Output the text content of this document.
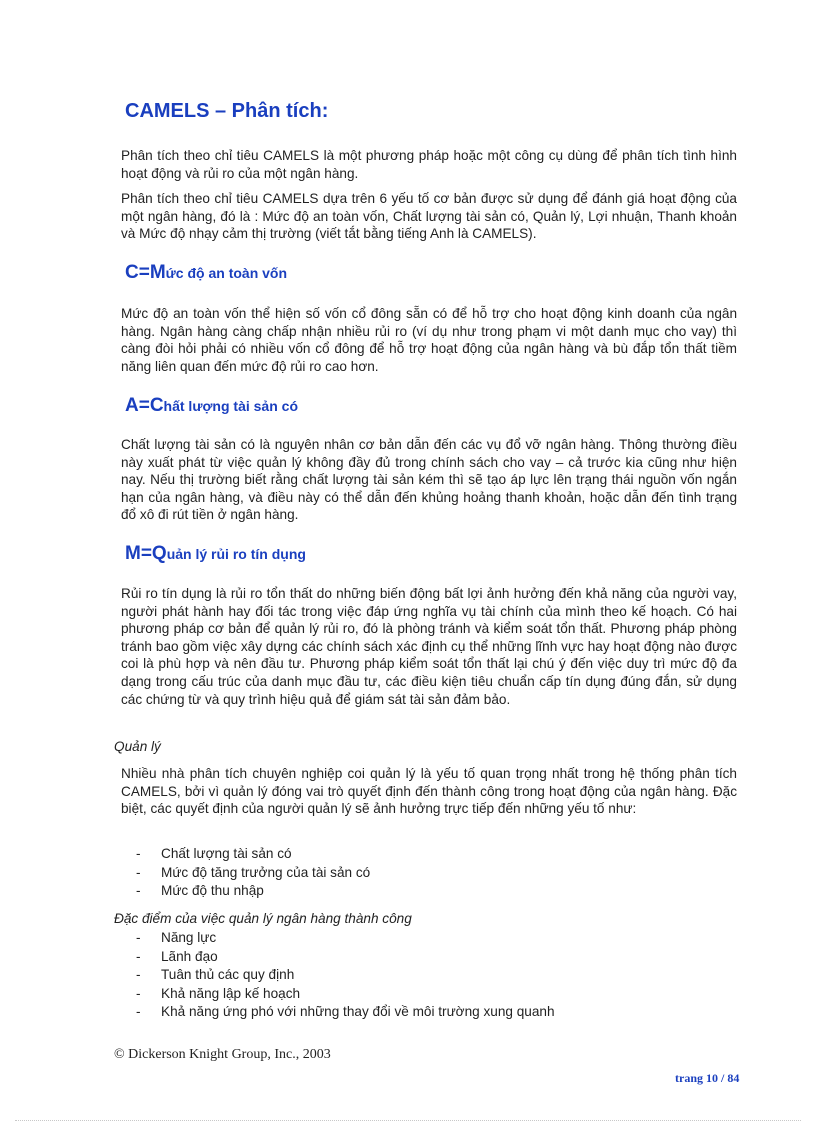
CAMELS – Phân tích:
Phân tích theo chỉ tiêu CAMELS là một phương pháp hoặc một công cụ dùng để phân tích tình hình hoạt động và rủi ro của một ngân hàng.
Phân tích theo chỉ tiêu CAMELS dựa trên 6 yếu tố cơ bản được sử dụng để đánh giá hoạt động của một ngân hàng, đó là : Mức độ an toàn vốn, Chất lượng tài sản có, Quản lý, Lợi nhuận, Thanh khoản và Mức độ nhạy cảm thị trường (viết tắt bằng tiếng Anh là CAMELS).
C=Mức độ an toàn vốn
Mức độ an toàn vốn thể hiện số vốn cổ đông sẵn có để hỗ trợ cho hoạt động kinh doanh của ngân hàng. Ngân hàng càng chấp nhận nhiều rủi ro (ví dụ như trong phạm vi một danh mục cho vay) thì càng đòi hỏi phải có nhiều vốn cổ đông để hỗ trợ hoạt động của ngân hàng và bù đắp tổn thất tiềm năng liên quan đến mức độ rủi ro cao hơn.
A=Chất lượng tài sản có
Chất lượng tài sản có là nguyên nhân cơ bản dẫn đến các vụ đổ vỡ ngân hàng. Thông thường điều này xuất phát từ việc quản lý không đầy đủ trong chính sách cho vay – cả trước kia cũng như hiện nay. Nếu thị trường biết rằng chất lượng tài sản kém thì sẽ tạo áp lực lên trạng thái nguồn vốn ngắn hạn của ngân hàng, và điều này có thể dẫn đến khủng hoảng thanh khoản, hoặc dẫn đến tình trạng đổ xô đi rút tiền ở ngân hàng.
M=Quản lý rủi ro tín dụng
Rủi ro tín dụng là rủi ro tổn thất do những biến động bất lợi ảnh hưởng đến khả năng của người vay, người phát hành hay đối tác trong việc đáp ứng nghĩa vụ tài chính của mình theo kế hoạch. Có hai phương pháp cơ bản để quản lý rủi ro, đó là phòng tránh và kiểm soát tổn thất. Phương pháp phòng tránh bao gồm việc xây dựng các chính sách xác định cụ thể những lĩnh vực hay hoạt động nào được coi là phù hợp và nên đầu tư. Phương pháp kiểm soát tổn thất lại chú ý đến việc duy trì mức độ đa dạng trong cấu trúc của danh mục đầu tư, các điều kiện tiêu chuẩn cấp tín dụng đúng đắn, sử dụng các chứng từ và quy trình hiệu quả để giám sát tài sản đảm bảo.
Quản lý
Nhiều nhà phân tích chuyên nghiệp coi quản lý là yếu tố quan trọng nhất trong hệ thống phân tích CAMELS, bởi vì quản lý đóng vai trò quyết định đến thành công trong hoạt động của ngân hàng. Đặc biệt, các quyết định của người quản lý sẽ ảnh hưởng trực tiếp đến những yếu tố như:
- Chất lượng tài sản có
- Mức độ tăng trưởng của tài sản có
- Mức độ thu nhập
Đặc điểm của việc quản lý ngân hàng thành công
- Năng lực
- Lãnh đạo
- Tuân thủ các quy định
- Khả năng lập kế hoạch
- Khả năng ứng phó với những thay đổi về môi trường xung quanh
© Dickerson Knight Group, Inc., 2003
trang 10 / 84
